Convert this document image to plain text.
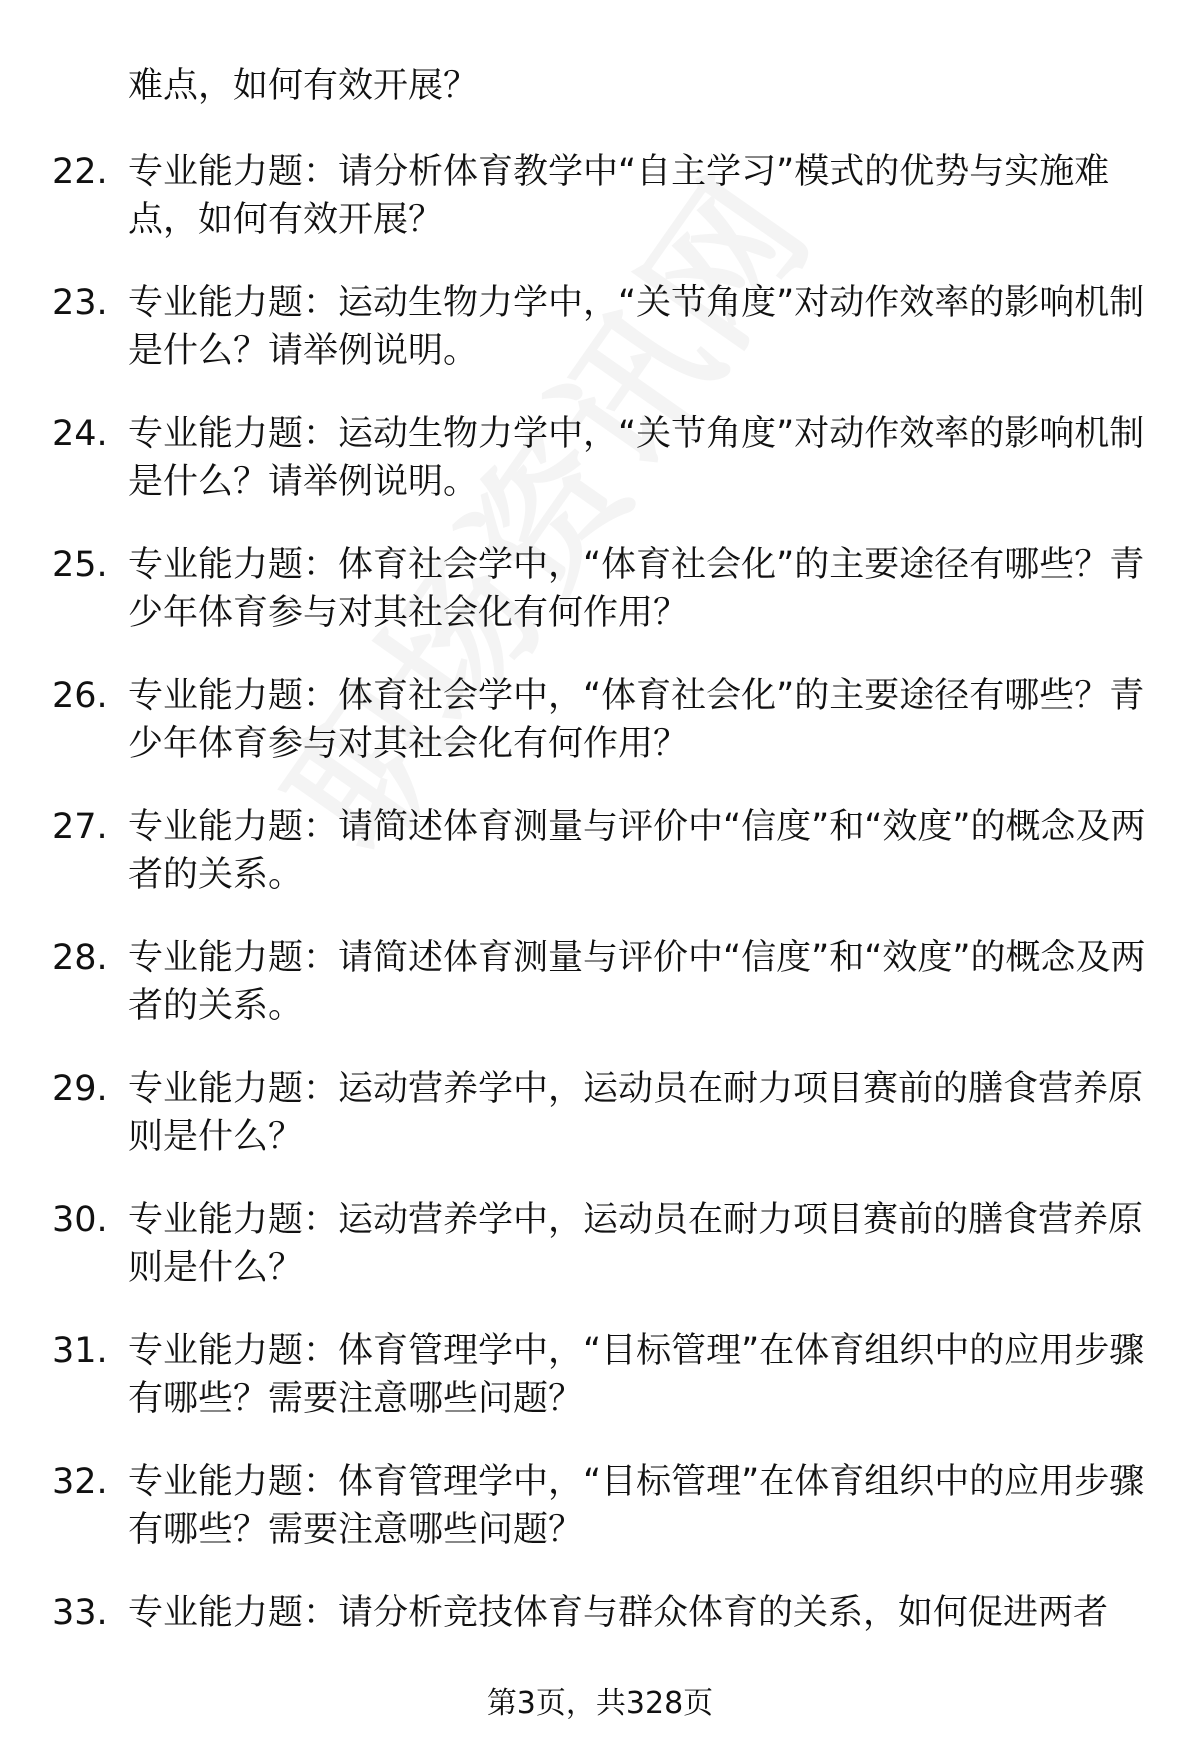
难点，如何有效开展？
22. 专业能力题：请分析体育教学中“自主学习”模式的优势与实施难点，如何有效开展？
23. 专业能力题：运动生物力学中，“关节角度”对动作效率的影响机制是什么？请举例说明。
24. 专业能力题：运动生物力学中，“关节角度”对动作效率的影响机制是什么？请举例说明。
25. 专业能力题：体育社会学中，“体育社会化”的主要途径有哪些？青少年体育参与对其社会化有何作用？
26. 专业能力题：体育社会学中，“体育社会化”的主要途径有哪些？青少年体育参与对其社会化有何作用？
27. 专业能力题：请简述体育测量与评价中“信度”和“效度”的概念及两者的关系。
28. 专业能力题：请简述体育测量与评价中“信度”和“效度”的概念及两者的关系。
29. 专业能力题：运动营养学中，运动员在耐力项目赛前的膳食营养原则是什么？
30. 专业能力题：运动营养学中，运动员在耐力项目赛前的膳食营养原则是什么？
31. 专业能力题：体育管理学中，“目标管理”在体育组织中的应用步骤有哪些？需要注意哪些问题？
32. 专业能力题：体育管理学中，“目标管理”在体育组织中的应用步骤有哪些？需要注意哪些问题？
33. 专业能力题：请分析竞技体育与群众体育的关系，如何促进两者
第3页，共328页
